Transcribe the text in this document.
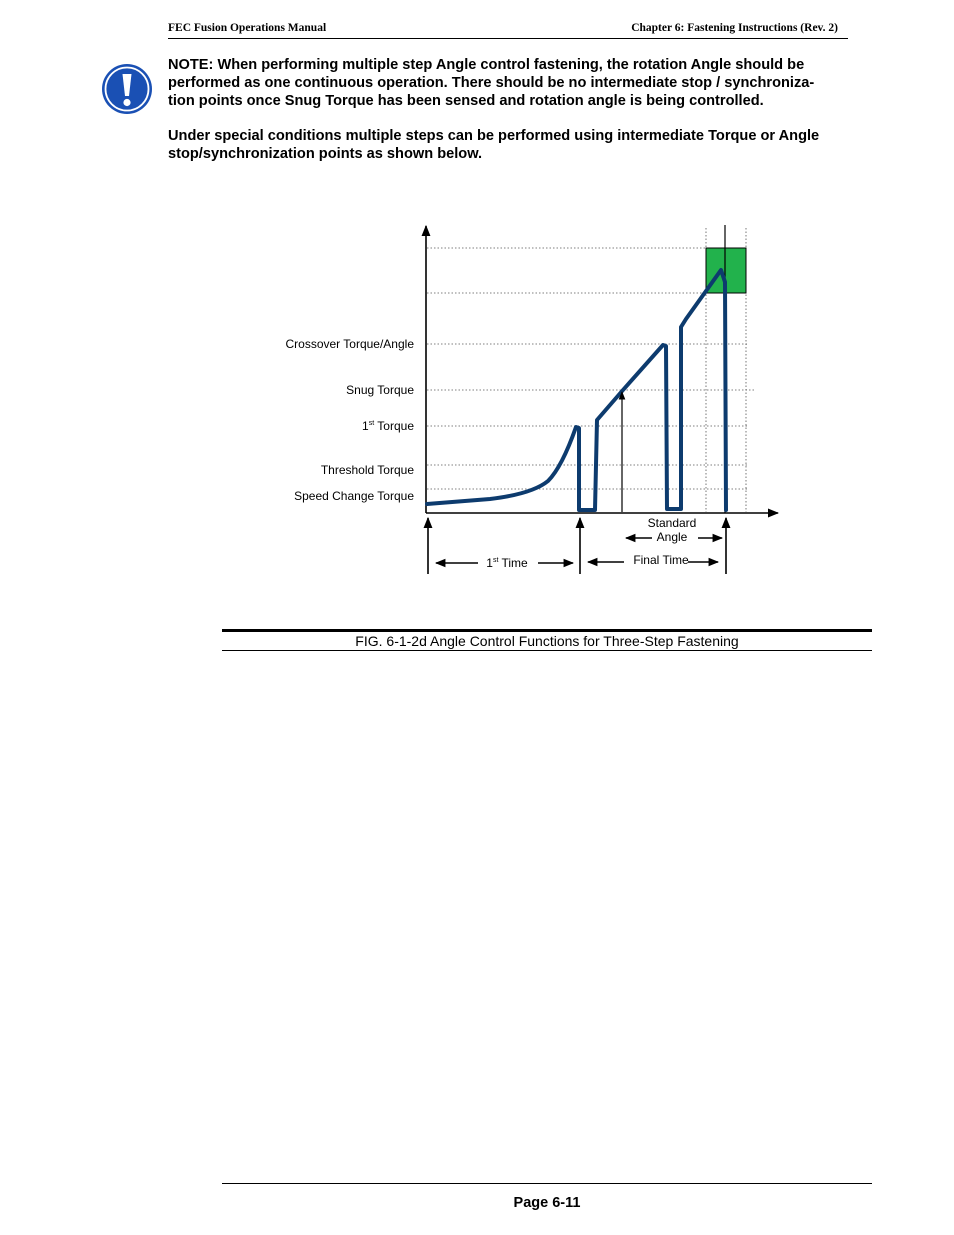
FEC Fusion Operations Manual	Chapter 6: Fastening Instructions (Rev. 2)

NOTE: When performing multiple step Angle control fastening, the rotation Angle should be
performed as one continuous operation. There should be no intermediate stop / synchroniza-
tion points once Snug Torque has been sensed and rotation angle is being controlled.

Under special conditions multiple steps can be performed using intermediate Torque or Angle
stop/synchronization points as shown below.

Crossover Torque/Angle
Snug Torque
1st Torque
Threshold Torque
Speed Change Torque
Standard
Angle
1st Time	Final Time
FIG. 6-1-2d Angle Control Functions for Three-Step Fastening
Page 6-11
